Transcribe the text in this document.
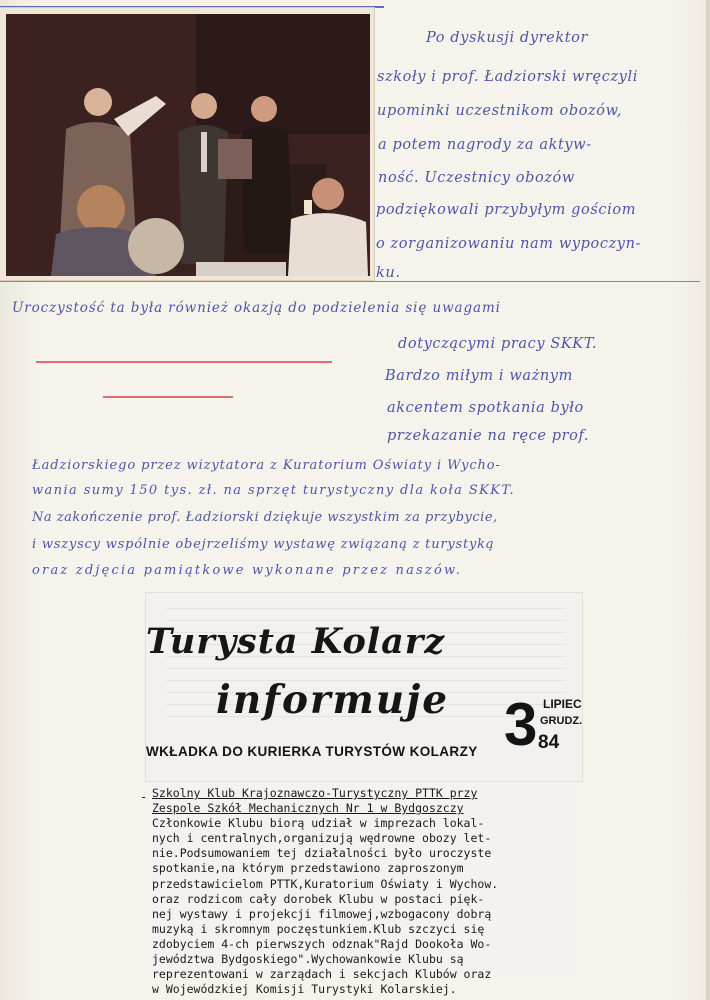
Po dyskusji dyrektor
szkoły i prof. Ładziorski wręczyli
upominki uczestnikom obozów,
a potem nagrody za aktyw-
ność. Uczestnicy obozów
podziękowali przybyłym gościom
o zorganizowaniu nam wypoczyn-
ku.
Uroczystość ta była również okazją do podzielenia się uwagami
dotyczącymi pracy SKKT.
Bardzo miłym i ważnym
akcentem spotkania było
przekazanie na ręce prof.
Ładziorskiego przez wizytatora z Kuratorium Oświaty i Wycho-
wania sumy 150 tys. zł. na sprzęt turystyczny dla koła SKKT.
Na zakończenie prof. Ładziorski dziękuje wszystkim za przybycie,
i wszyscy wspólnie obejrzeliśmy wystawę związaną z turystyką
oraz zdjęcia pamiątkowe wykonane przez naszów.
Turysta Kolarz
informuje
WKŁADKA DO KURIERKA TURYSTÓW KOLARZY 3 LIPIEC
GRUDZ.
84
- Szkolny Klub Krajoznawczo-Turystyczny PTTK przy
Zespole Szkół Mechanicznych Nr 1 w Bydgoszczy
Członkowie Klubu biorą udział w imprezach lokal-
nych i centralnych,organizują wędrowne obozy let-
nie.Podsumowaniem tej działalności było uroczyste
spotkanie,na którym przedstawiono zaproszonym
przedstawicielom PTTK,Kuratorium Oświaty i Wychow.
oraz rodzicom cały dorobek Klubu w postaci pięk-
nej wystawy i projekcji filmowej,wzbogacony dobrą
muzyką i skromnym poczęstunkiem.Klub szczyci się
zdobyciem 4-ch pierwszych odznak"Rajd Dookoła Wo-
jewództwa Bydgoskiego".Wychowankowie Klubu są
reprezentowani w zarządach i sekcjach Klubów oraz
w Wojewódzkiej Komisji Turystyki Kolarskiej.
